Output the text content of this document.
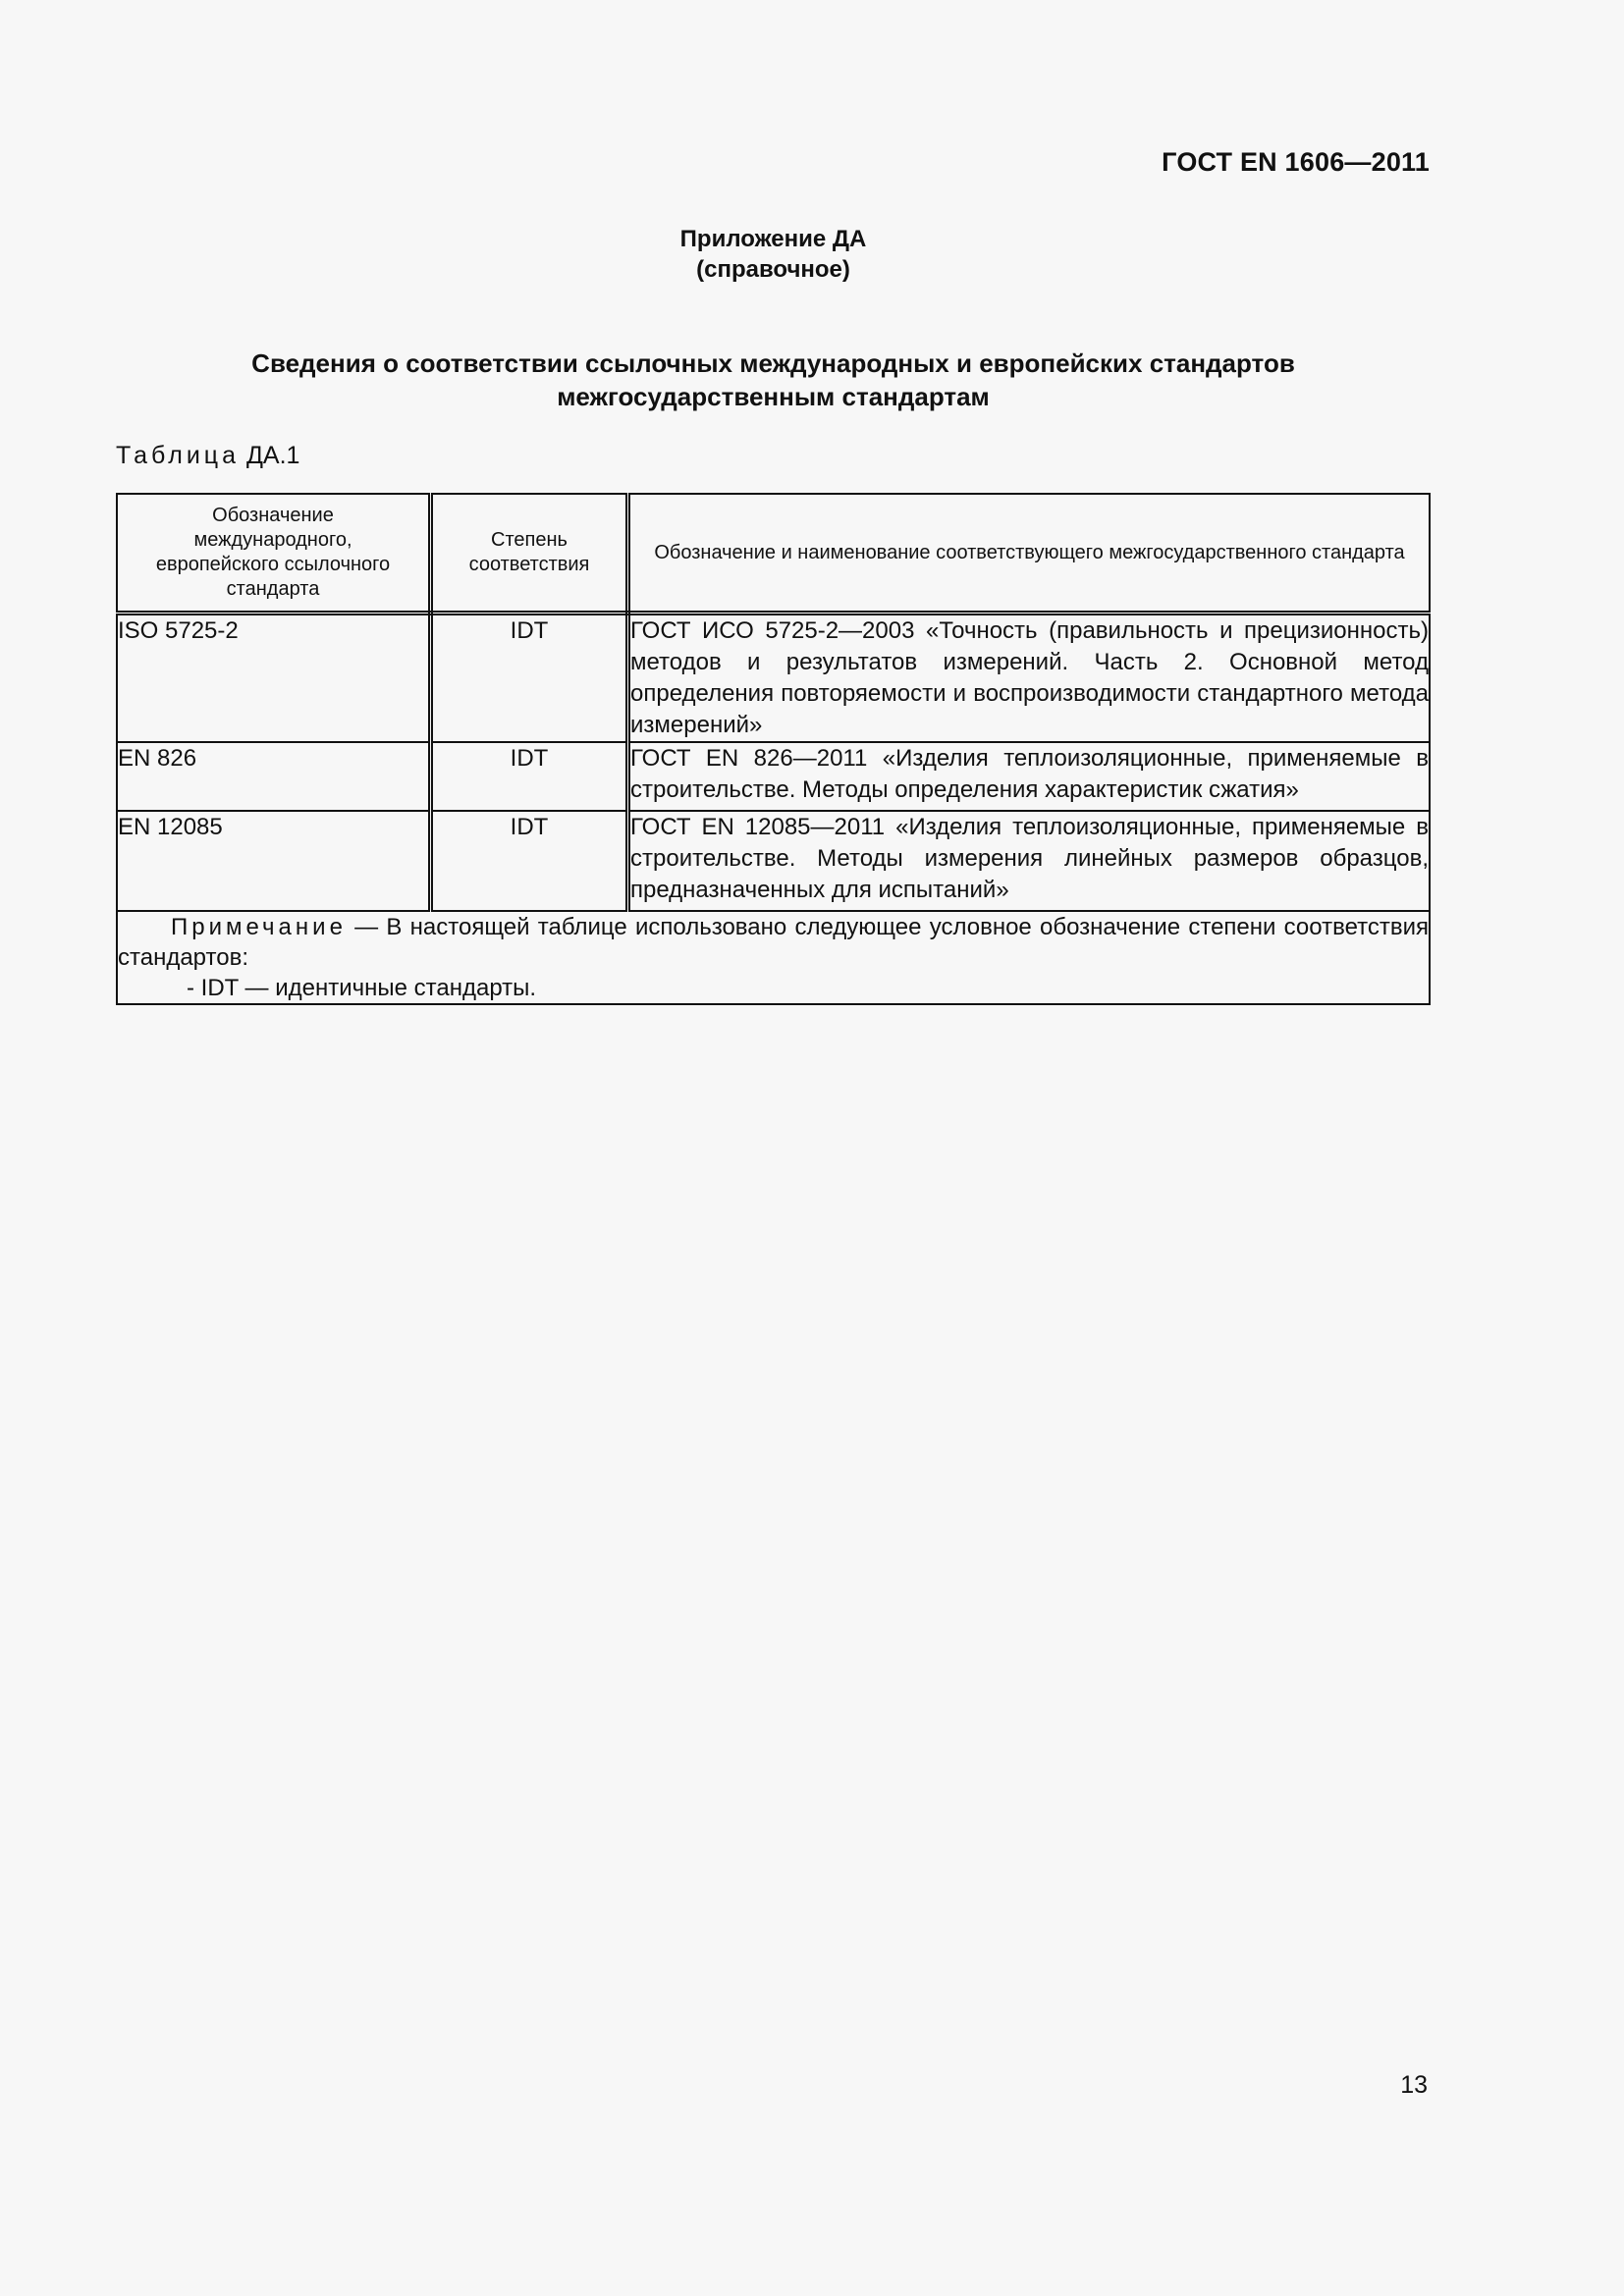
ГОСТ EN 1606—2011
Приложение ДА
(справочное)
Сведения о соответствии ссылочных международных и европейских стандартов
межгосударственным стандартам
Таблица ДА.1
Обозначение международного, европейского ссылочного стандарта	Степень соответствия	Обозначение и наименование соответствующего межгосударственного стандарта
ISO 5725-2	IDT	ГОСТ ИСО 5725-2—2003 «Точность (правильность и прецизионность) методов и результатов измерений. Часть 2. Основной метод определения повторяемости и воспроизводимости стандартного метода измерений»
EN 826	IDT	ГОСТ EN 826—2011 «Изделия теплоизоляционные, применяемые в строительстве. Методы определения характеристик сжатия»
EN 12085	IDT	ГОСТ EN 12085—2011 «Изделия теплоизоляционные, применяемые в строительстве. Методы измерения линейных размеров образцов, предназначенных для испытаний»

Примечание — В настоящей таблице использовано следующее условное обозначение степени соответствия стандартов:
- IDT — идентичные стандарты.		
13
